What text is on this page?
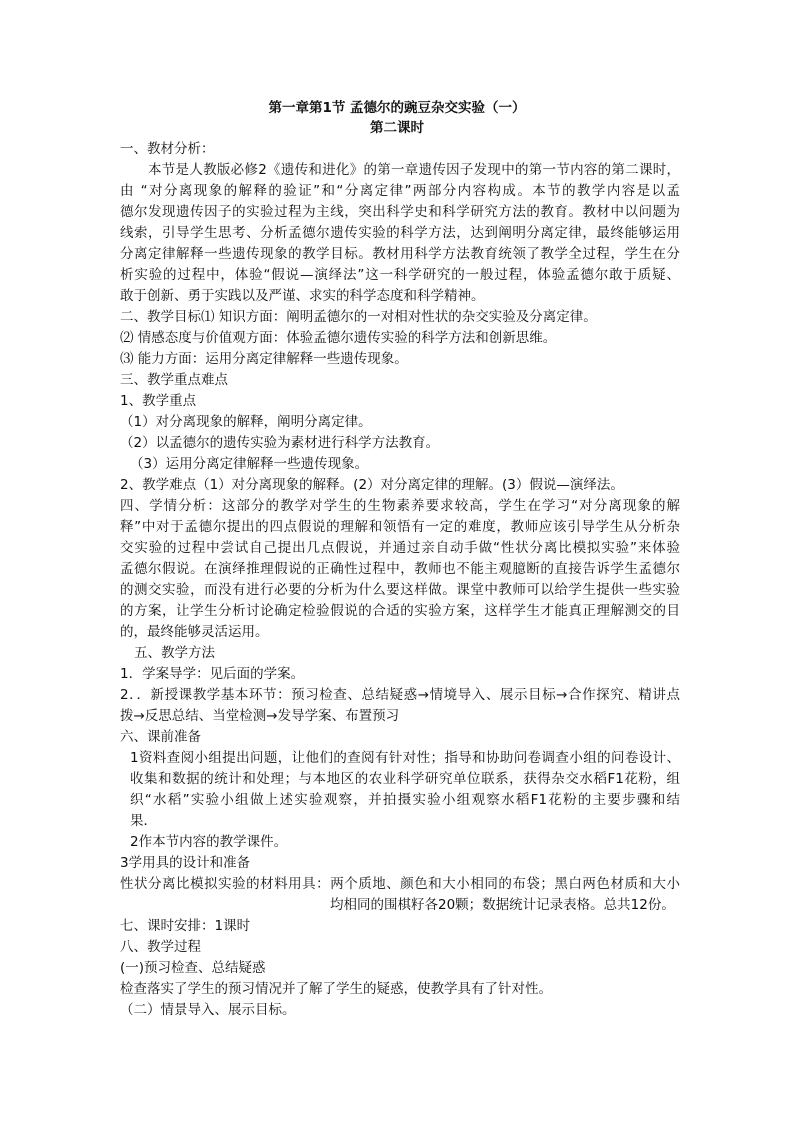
第一章第1节 孟德尔的豌豆杂交实验（一）
第二课时
一、教材分析：
本节是人教版必修2《遗传和进化》的第一章遗传因子发现中的第一节内容的第二课时，
由 “对分离现象的解释的验证”和“分离定律”两部分内容构成。本节的教学内容是以孟
德尔发现遗传因子的实验过程为主线，突出科学史和科学研究方法的教育。教材中以问题为
线索，引导学生思考、分析孟德尔遗传实验的科学方法，达到阐明分离定律，最终能够运用
分离定律解释一些遗传现象的教学目标。教材用科学方法教育统领了教学全过程，学生在分
析实验的过程中，体验“假说—演绎法”这一科学研究的一般过程，体验孟德尔敢于质疑、
敢于创新、勇于实践以及严谨、求实的科学态度和科学精神。
二、教学目标⑴ 知识方面：阐明孟德尔的一对相对性状的杂交实验及分离定律。
⑵ 情感态度与价值观方面：体验孟德尔遗传实验的科学方法和创新思维。
⑶ 能力方面：运用分离定律解释一些遗传现象。
三、教学重点难点
1、教学重点
（1）对分离现象的解释，阐明分离定律。
（2）以孟德尔的遗传实验为素材进行科学方法教育。
（3）运用分离定律解释一些遗传现象。
2、教学难点（1）对分离现象的解释。(2）对分离定律的理解。(3）假说—演绎法。
四、学情分析：这部分的教学对学生的生物素养要求较高，学生在学习“对分离现象的解
释”中对于孟德尔提出的四点假说的理解和领悟有一定的难度，教师应该引导学生从分析杂
交实验的过程中尝试自己提出几点假说，并通过亲自动手做“性状分离比模拟实验”来体验
孟德尔假说。在演绎推理假说的正确性过程中，教师也不能主观臆断的直接告诉学生孟德尔
的测交实验，而没有进行必要的分析为什么要这样做。课堂中教师可以给学生提供一些实验
的方案，让学生分析讨论确定检验假说的合适的实验方案，这样学生才能真正理解测交的目
的，最终能够灵活运用。
五、教学方法
1．学案导学：见后面的学案。
2．．新授课教学基本环节：预习检查、总结疑惑→情境导入、展示目标→合作探究、精讲点
拨→反思总结、当堂检测→发导学案、布置预习
六、课前准备
1资料查阅小组提出问题，让他们的查阅有针对性；指导和协助问卷调查小组的问卷设计、
收集和数据的统计和处理；与本地区的农业科学研究单位联系，获得杂交水稻F1花粉，组
织“水稻”实验小组做上述实验观察，并拍摄实验小组观察水稻F1花粉的主要步骤和结
果．
2作本节内容的教学课件。
3学用具的设计和准备
性状分离比模拟实验的材料用具：两个质地、颜色和大小相同的布袋；黑白两色材质和大小
均相同的围棋籽各20颗；数据统计记录表格。总共12份。
七、课时安排：1课时
八、教学过程
(一)预习检查、总结疑惑
检查落实了学生的预习情况并了解了学生的疑惑，使教学具有了针对性。
（二）情景导入、展示目标。
